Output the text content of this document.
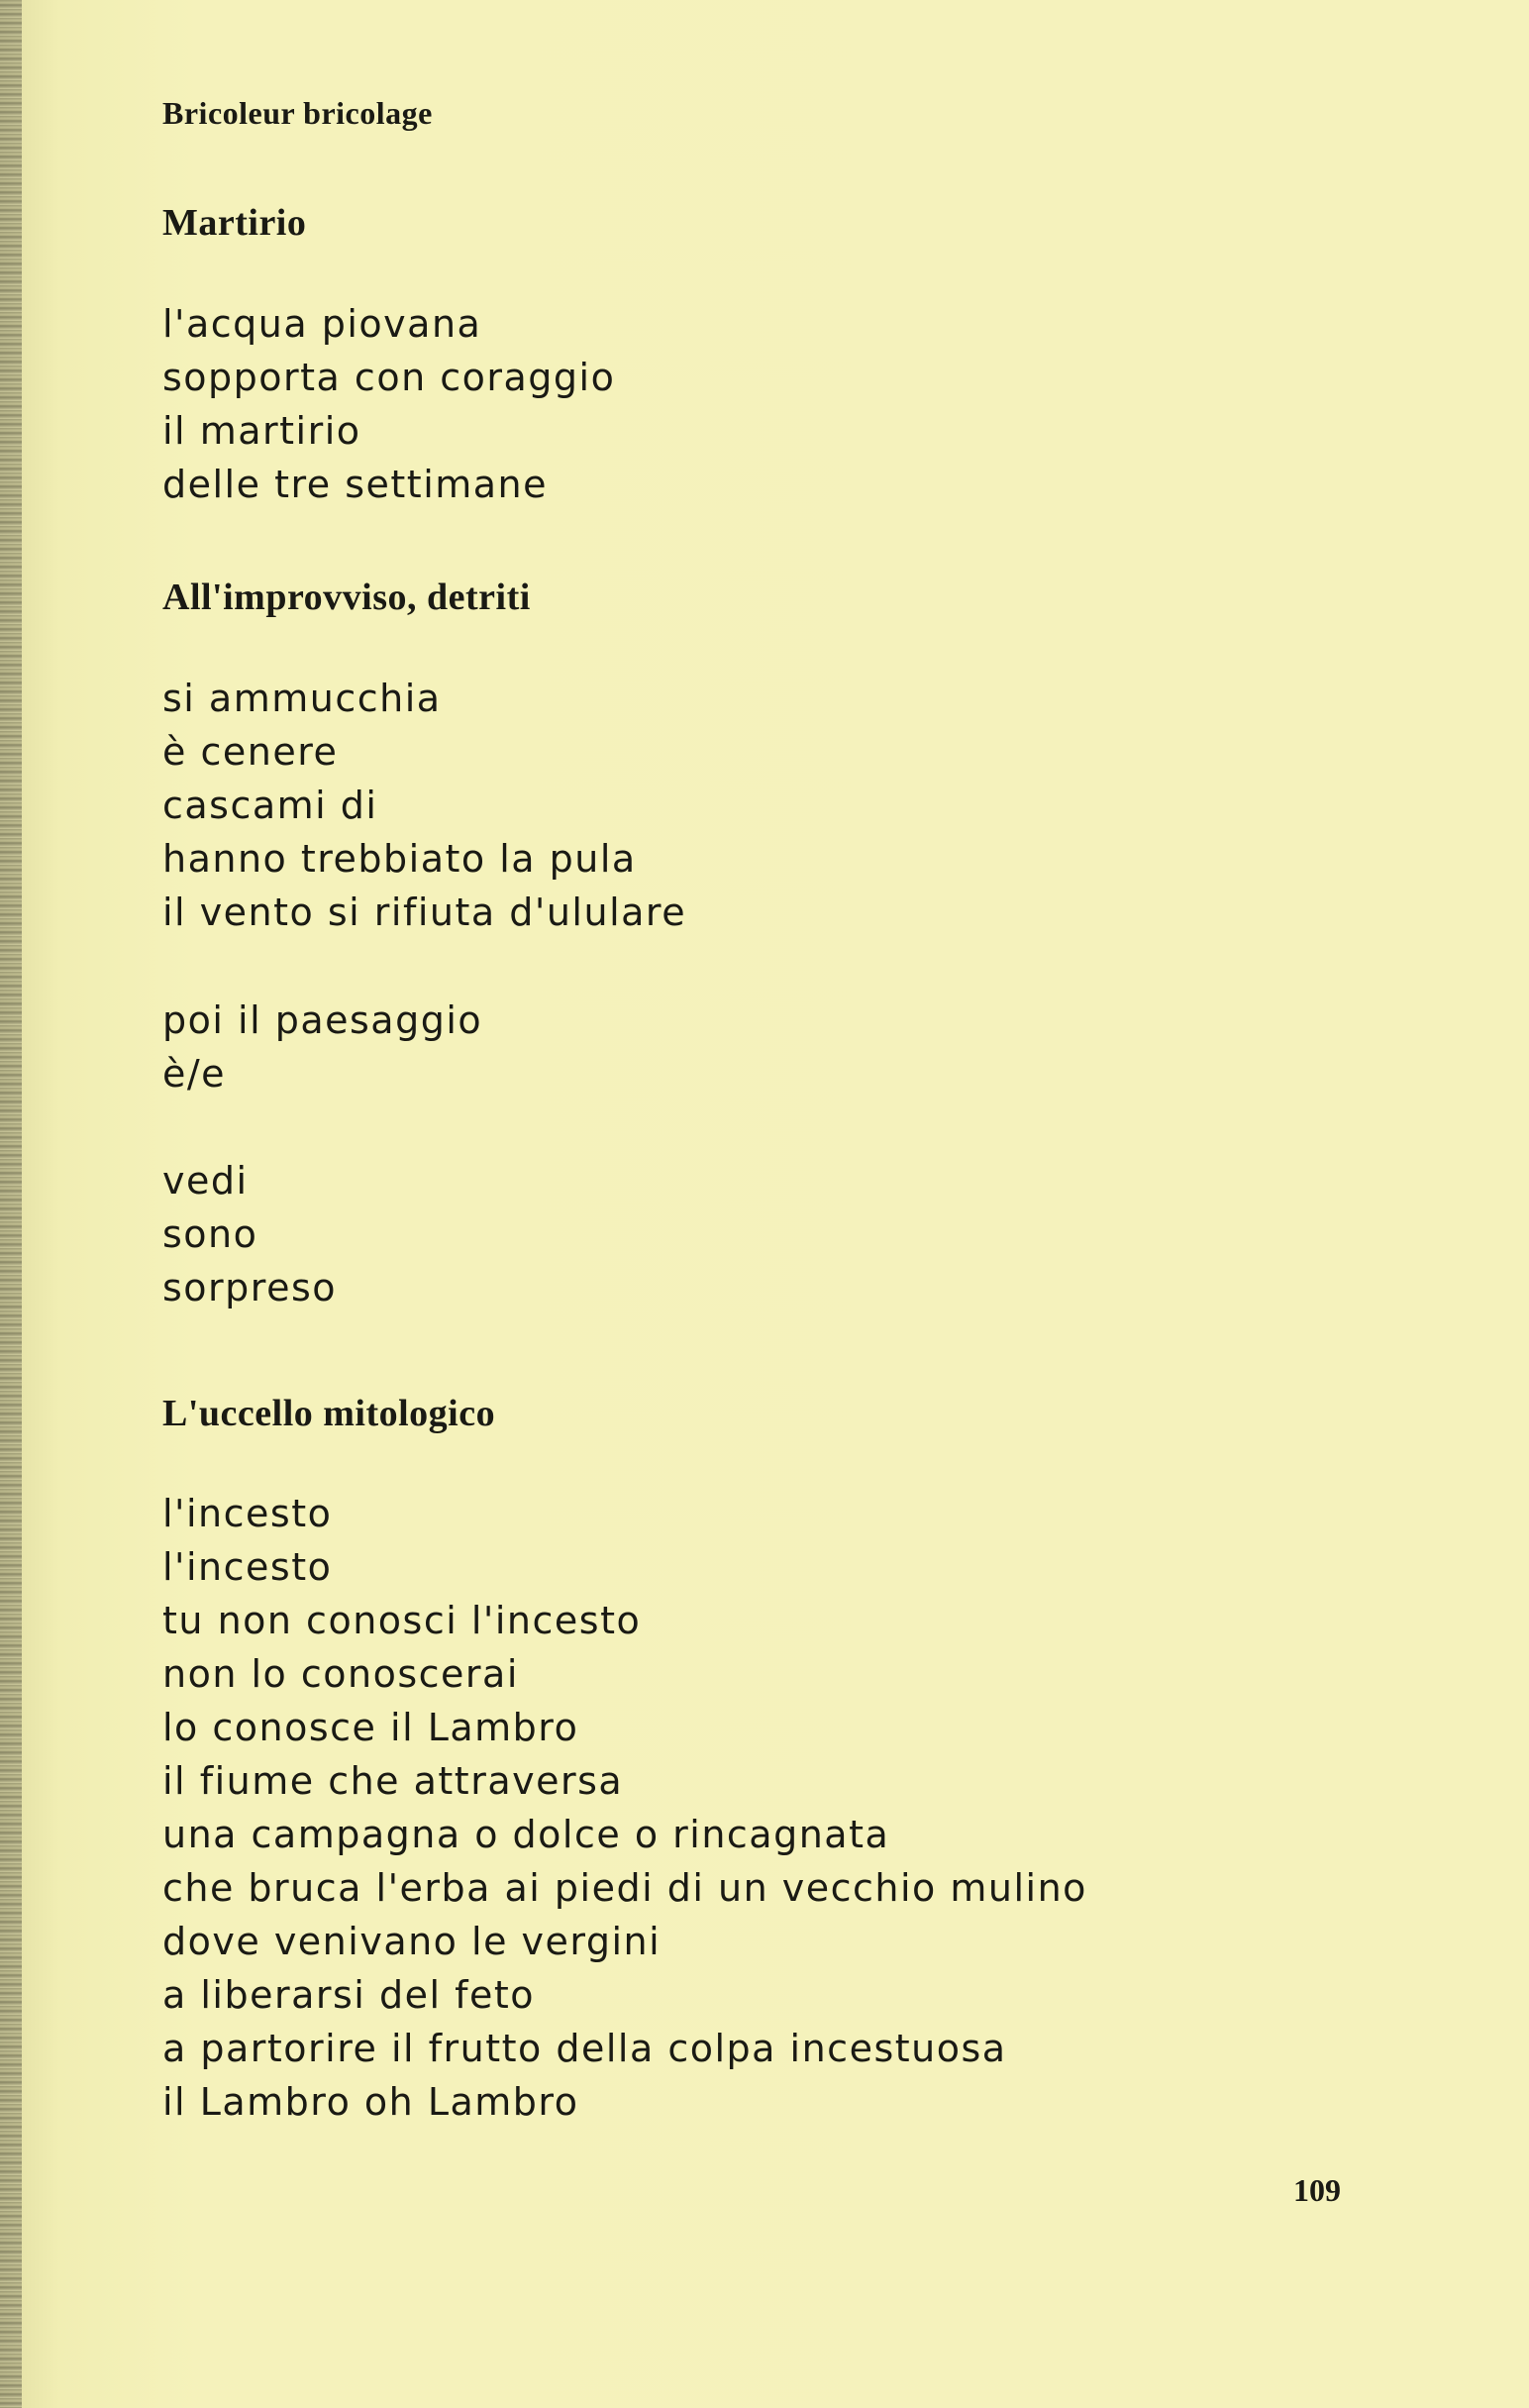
Bricoleur bricolage
Martirio
l'acqua piovana
sopporta con coraggio
il martirio
delle tre settimane
All'improvviso, detriti
si ammucchia
è cenere
cascami di
hanno trebbiato la pula
il vento si rifiuta d'ululare
poi il paesaggio
è/e
vedi
sono
sorpreso
L'uccello mitologico
l'incesto
l'incesto
tu non conosci l'incesto
non lo conoscerai
lo conosce il Lambro
il fiume che attraversa
una campagna o dolce o rincagnata
che bruca l'erba ai piedi di un vecchio mulino
dove venivano le vergini
a liberarsi del feto
a partorire il frutto della colpa incestuosa
il Lambro oh Lambro
109
